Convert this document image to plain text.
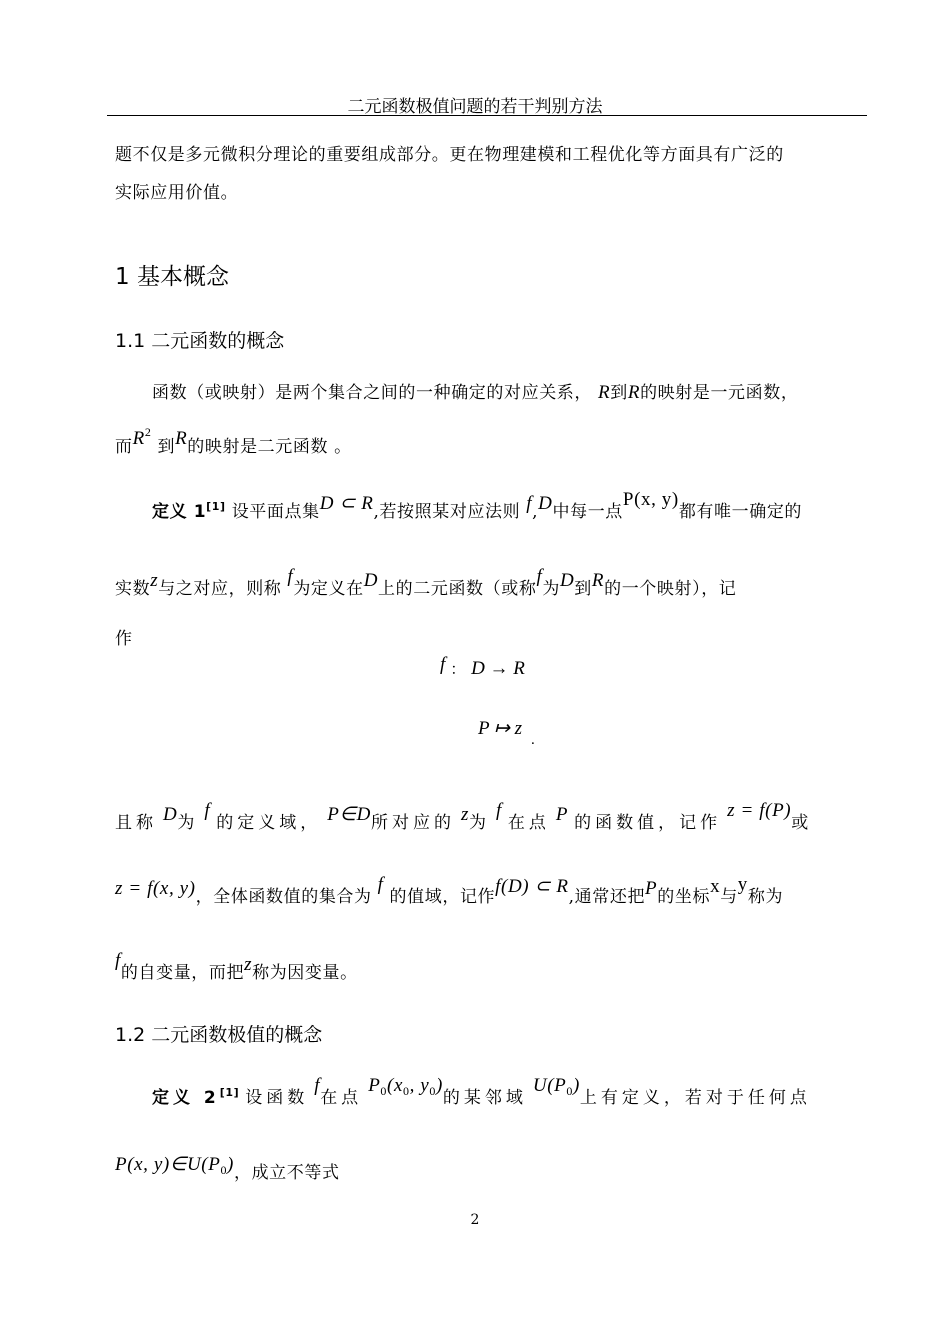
二元函数极值问题的若干判别方法
题不仅是多元微积分理论的重要组成部分。更在物理建模和工程优化等方面具有广泛的
实际应用价值。
1 基本概念
1.1 二元函数的概念
函数（或映射）是两个集合之间的一种确定的对应关系， R到R的映射是一元函数，
而$R^2$ 到R的映射是二元函数 。
定义 1[1] 设平面点集D ⊂ R,若按照某对应法则 f,D中每一点P(x, y)都有唯一确定的
实数z与之对应，则称 f为定义在D上的二元函数（或称f为D到R的一个映射），记
作
f ： D → R
P ↦ z
.
且称 D为 f 的定义域， P∈D所对应的 z为 f 在点 P 的函数值，记作 z = f(P)或
z = f(x, y)，全体函数值的集合为 f 的值域，记作f(D) ⊂ R,通常还把P的坐标x与y称为
f的自变量，而把z称为因变量。
1.2 二元函数极值的概念
定义 2[1] 设函数 f在点 $P_0(x_0$, $y_0$)的某邻域 $U(P_0)$上有定义，若对于任何点
P(x, $y)\in U(P_0)$，成立不等式
2
